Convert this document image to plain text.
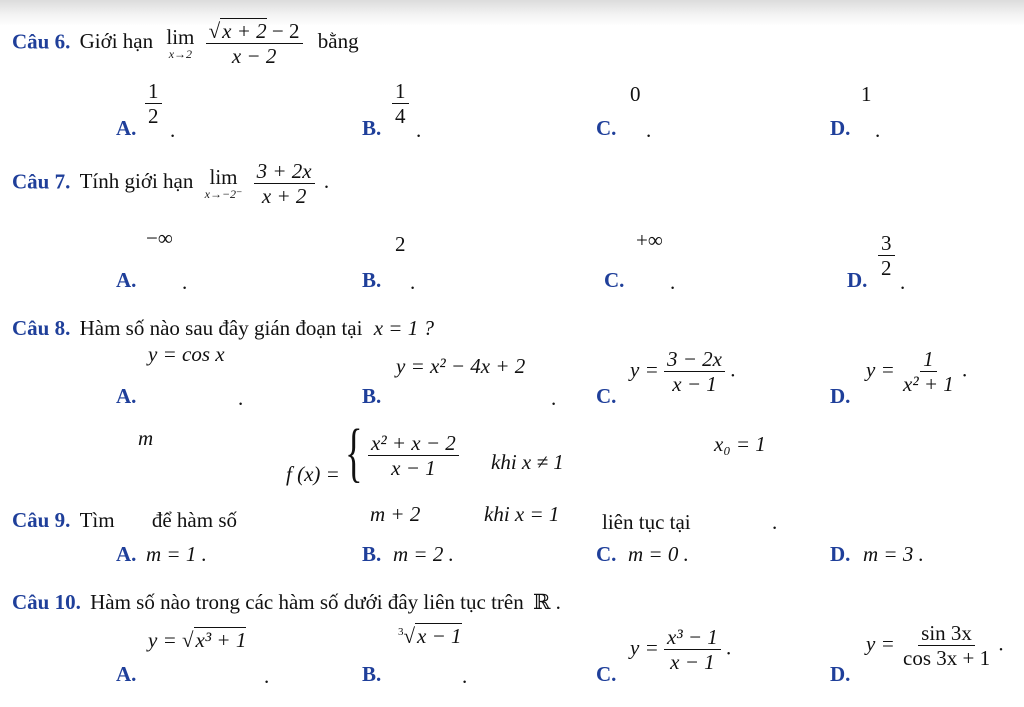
Câu 6. Giới hạn lim
x→2
$\frac{√x + 2 - 2}{x - 2}$ bằng
A.
$\frac{1}{2}$
.	B.
$\frac{1}{4}$
.	C.
0
.	D.
1
.
Câu 7. Tính giới hạn lim
x→−2⁻
$\frac{3 + 2x}{x + 2}$ .
−∞
A. .
2
B. .
+∞
C. .	D.
$\frac{3}{2}$
.
Câu 8. Hàm số nào sau đây gián đoạn tại x = 1 ?
y = cos x
A.	.
y = x² − 4x + 2
B.	. C.
$y = \frac{3 - 2x}{x - 1}$ .
D.
$y = \frac{1}{\text{x² + 1}}$ .
m	x₀ = 1
Câu 9. Tìm để hàm số
f (x) = { $\frac{\text{x² + x − 2}}{x - 1}$ khi x ≠ 1
m + 2	khi x = 1 liên tục tại	.
A. m = 1 .	B. m = 2 .	C. m = 0 .	D. m = 3 .
Câu 10. Hàm số nào trong các hàm số dưới đây liên tục trên ℝ .
y = √x³ + 1
A.	.
$^3$√x − 1
B.	.	C.
$y = \frac{\text{x³ − 1}}{x - 1}$ .
D.
$y = \frac{\sin 3x}{\cos 3x + 1}$ .
